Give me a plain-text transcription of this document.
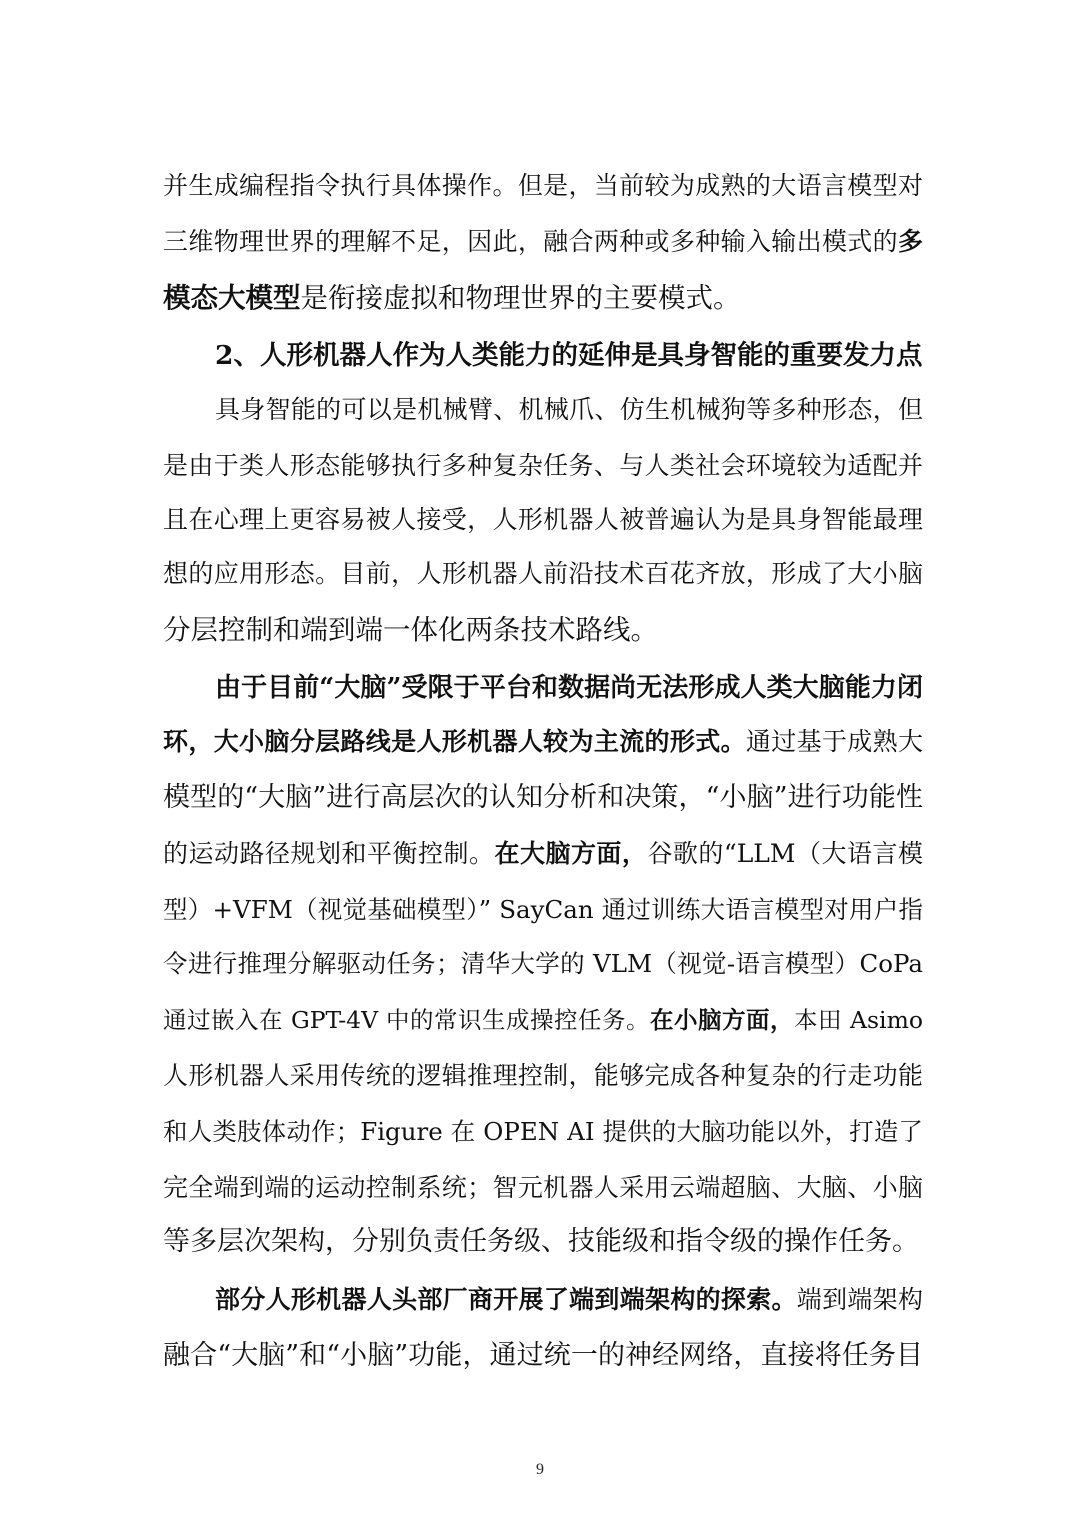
并生成编程指令执行具体操作。但是，当前较为成熟的大语言模型对
三维物理世界的理解不足，因此，融合两种或多种输入输出模式的多
模态大模型是衔接虚拟和物理世界的主要模式。
2、人形机器人作为人类能力的延伸是具身智能的重要发力点
具身智能的可以是机械臂、机械爪、仿生机械狗等多种形态，但
是由于类人形态能够执行多种复杂任务、与人类社会环境较为适配并
且在心理上更容易被人接受，人形机器人被普遍认为是具身智能最理
想的应用形态。目前，人形机器人前沿技术百花齐放，形成了大小脑
分层控制和端到端一体化两条技术路线。
由于目前“大脑”受限于平台和数据尚无法形成人类大脑能力闭
环，大小脑分层路线是人形机器人较为主流的形式。通过基于成熟大
模型的“大脑”进行高层次的认知分析和决策，“小脑”进行功能性
的运动路径规划和平衡控制。在大脑方面，谷歌的“LLM（大语言模
型）+VFM（视觉基础模型）” SayCan 通过训练大语言模型对用户指
令进行推理分解驱动任务；清华大学的 VLM（视觉-语言模型）CoPa
通过嵌入在 GPT-4V 中的常识生成操控任务。在小脑方面，本田 Asimo
人形机器人采用传统的逻辑推理控制，能够完成各种复杂的行走功能
和人类肢体动作；Figure 在 OPEN AI 提供的大脑功能以外，打造了
完全端到端的运动控制系统；智元机器人采用云端超脑、大脑、小脑
等多层次架构，分别负责任务级、技能级和指令级的操作任务。
部分人形机器人头部厂商开展了端到端架构的探索。端到端架构
融合“大脑”和“小脑”功能，通过统一的神经网络，直接将任务目
9
